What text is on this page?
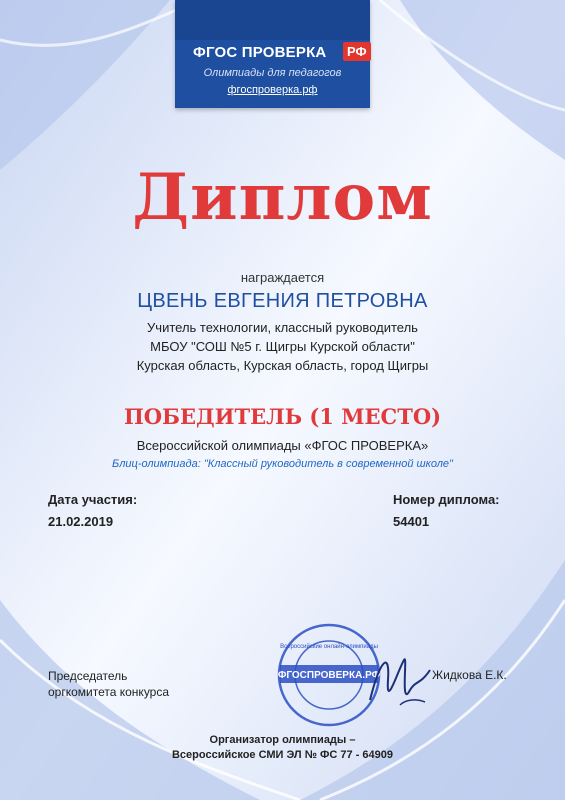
ФГОС ПРОВЕРКА	РФ
Олимпиады для педагогов
фгоспроверка.рф
Диплом
награждается
ЦВЕНЬ ЕВГЕНИЯ ПЕТРОВНА
Учитель технологии, классный руководитель
МБОУ "СОШ №5 г. Щигры Курской области"
Курская область, Курская область, город Щигры
ПОБЕДИТЕЛЬ (1 МЕСТО)
Всероссийской олимпиады «ФГОС ПРОВЕРКА»
Блиц-олимпиада: "Классный руководитель в современной школе"
Дата участия:
21.02.2019
Номер диплома:
54401
Председатель
оргкомитета конкурса
ФГОСПРОВЕРКА.РФ
Всероссийские онлайн-олимпиады
Жидкова Е.К.
Организатор олимпиады –
Всероссийское СМИ ЭЛ № ФС 77 - 64909
